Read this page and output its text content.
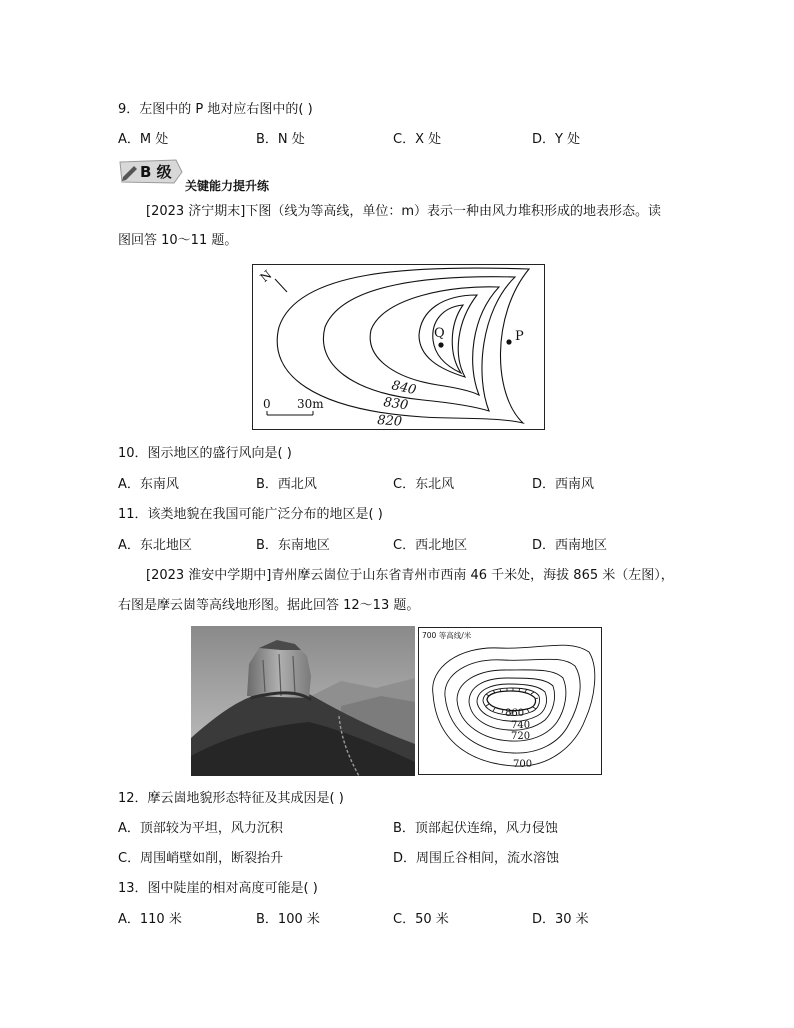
9．左图中的 P 地对应右图中的( )
A．M 处	B．N 处	C．X 处	D．Y 处
B 级
关键能力提升练
[2023 济宁期末]下图（线为等高线，单位：m）表示一种由风力堆积形成的地表形态。读
图回答 10～11 题。
N
Q	P
840
830
820
0 30m
10．图示地区的盛行风向是( )
A．东南风	B．西北风	C．东北风	D．西南风
11．该类地貌在我国可能广泛分布的地区是( )
A．东北地区	B．东南地区	C．西北地区	D．西南地区
[2023 淮安中学期中]青州摩云崮位于山东省青州市西南 46 千米处，海拔 865 米（左图），
右图是摩云崮等高线地形图。据此回答 12～13 题。
700 等高线/米
860
740
720
700
12．摩云崮地貌形态特征及其成因是( )
A．顶部较为平坦，风力沉积	B．顶部起伏连绵，风力侵蚀
C．周围峭壁如削，断裂抬升	D．周围丘谷相间，流水溶蚀
13．图中陡崖的相对高度可能是( )
A．110 米	B．100 米	C．50 米	D．30 米
